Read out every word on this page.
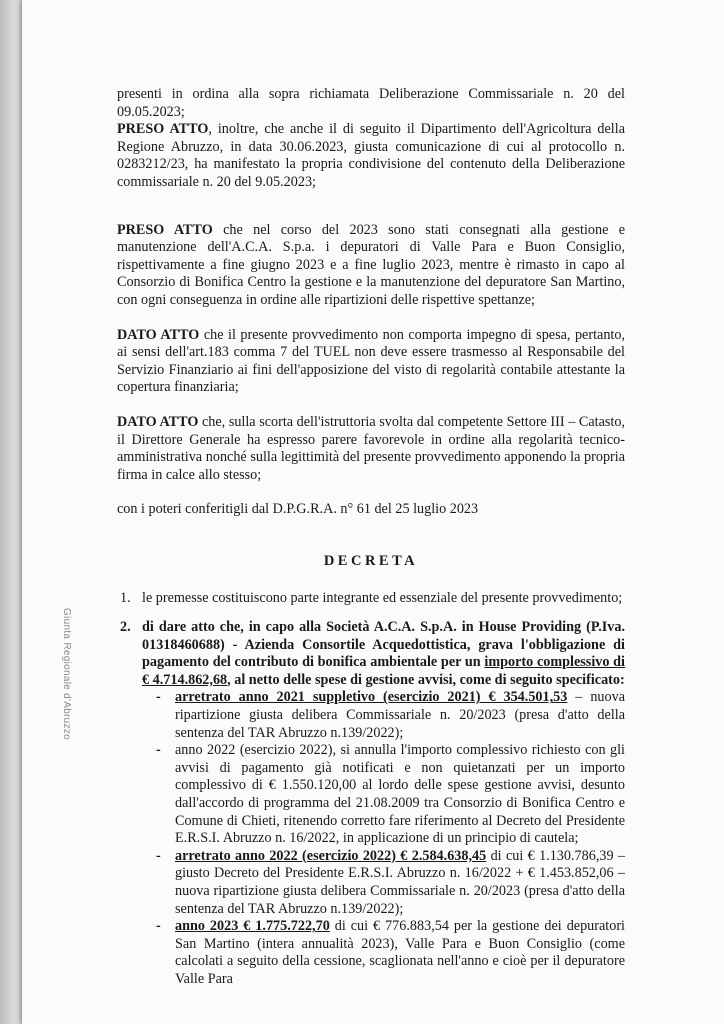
Giunta Regionale d'Abruzzo

presenti in ordina alla sopra richiamata Deliberazione Commissariale n. 20 del 09.05.2023;

PRESO ATTO, inoltre, che anche il di seguito il Dipartimento dell'Agricoltura della Regione Abruzzo, in data 30.06.2023, giusta comunicazione di cui al protocollo n. 0283212/23, ha manifestato la propria condivisione del contenuto della Deliberazione commissariale n. 20 del 9.05.2023;

PRESO ATTO che nel corso del 2023 sono stati consegnati alla gestione e manutenzione dell'A.C.A. S.p.a. i depuratori di Valle Para e Buon Consiglio, rispettivamente a fine giugno 2023 e a fine luglio 2023, mentre è rimasto in capo al Consorzio di Bonifica Centro la gestione e la manutenzione del depuratore San Martino, con ogni conseguenza in ordine alle ripartizioni delle rispettive spettanze;

DATO ATTO che il presente provvedimento non comporta impegno di spesa, pertanto, ai sensi dell'art.183 comma 7 del TUEL non deve essere trasmesso al Responsabile del Servizio Finanziario ai fini dell'apposizione del visto di regolarità contabile attestante la copertura finanziaria;

DATO ATTO che, sulla scorta dell'istruttoria svolta dal competente Settore III – Catasto, il Direttore Generale ha espresso parere favorevole in ordine alla regolarità tecnico-amministrativa nonché sulla legittimità del presente provvedimento apponendo la propria firma in calce allo stesso;

con i poteri conferitigli dal D.P.G.R.A. n° 61 del 25 luglio 2023

DECRETA
1. le premesse costituiscono parte integrante ed essenziale del presente provvedimento;
2. di dare atto che, in capo alla Società A.C.A. S.p.A. in House Providing (P.Iva. 01318460688) - Azienda Consortile Acquedottistica, grava l'obbligazione di pagamento del contributo di bonifica ambientale per un importo complessivo di € 4.714.862,68, al netto delle spese di gestione avvisi, come di seguito specificato:
- arretrato anno 2021 suppletivo (esercizio 2021) € 354.501,53 – nuova ripartizione giusta delibera Commissariale n. 20/2023 (presa d'atto della sentenza del TAR Abruzzo n.139/2022);
- anno 2022 (esercizio 2022), si annulla l'importo complessivo richiesto con gli avvisi di pagamento già notificati e non quietanzati per un importo complessivo di € 1.550.120,00 al lordo delle spese gestione avvisi, desunto dall'accordo di programma del 21.08.2009 tra Consorzio di Bonifica Centro e Comune di Chieti, ritenendo corretto fare riferimento al Decreto del Presidente E.R.S.I. Abruzzo n. 16/2022, in applicazione di un principio di cautela;
- arretrato anno 2022 (esercizio 2022) € 2.584.638,45 di cui € 1.130.786,39 – giusto Decreto del Presidente E.R.S.I. Abruzzo n. 16/2022 + € 1.453.852,06 – nuova ripartizione giusta delibera Commissariale n. 20/2023 (presa d'atto della sentenza del TAR Abruzzo n.139/2022);
- anno 2023 € 1.775.722,70 di cui € 776.883,54 per la gestione dei depuratori San Martino (intera annualità 2023), Valle Para e Buon Consiglio (come calcolati a seguito della cessione, scaglionata nell'anno e cioè per il depuratore Valle Para
